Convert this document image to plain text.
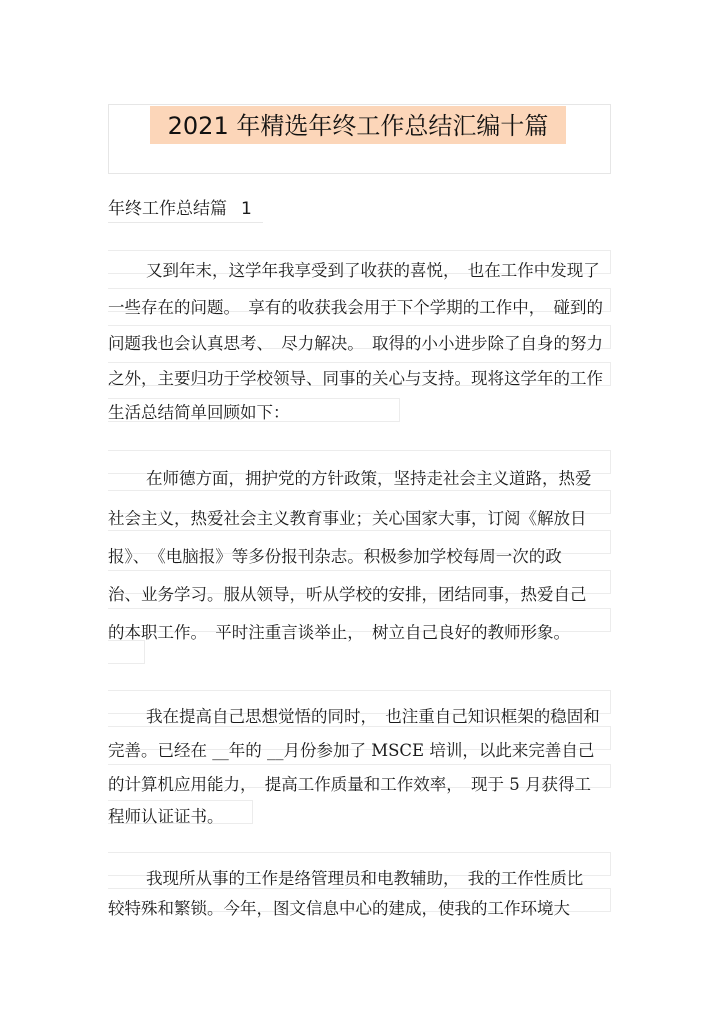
2021 年精选年终工作总结汇编十篇
年终工作总结篇 1
又到年末，这学年我享受到了收获的喜悦，　也在工作中发现了
一些存在的问题。　享有的收获我会用于下个学期的工作中，　碰到的
问题我也会认真思考、　尽力解决。　取得的小小进步除了自身的努力
之外，主要归功于学校领导、同事的关心与支持。现将这学年的工作
生活总结简单回顾如下：
在师德方面，拥护党的方针政策，坚持走社会主义道路，热爱
社会主义，热爱社会主义教育事业；关心国家大事，订阅《解放日
报》、　《电脑报》等多份报刊杂志。积极参加学校每周一次的政
治、业务学习。服从领导，听从学校的安排，团结同事，热爱自己
的本职工作。　平时注重言谈举止，　树立自己良好的教师形象。
我在提高自己思想觉悟的同时，　也注重自己知识框架的稳固和
完善。已经在 __年的 __月份参加了 MSCE 培训，以此来完善自己
的计算机应用能力，　提高工作质量和工作效率，　现于 5 月获得工
程师认证证书。
我现所从事的工作是络管理员和电教辅助，　我的工作性质比
较特殊和繁锁。今年，图文信息中心的建成，使我的工作环境大
